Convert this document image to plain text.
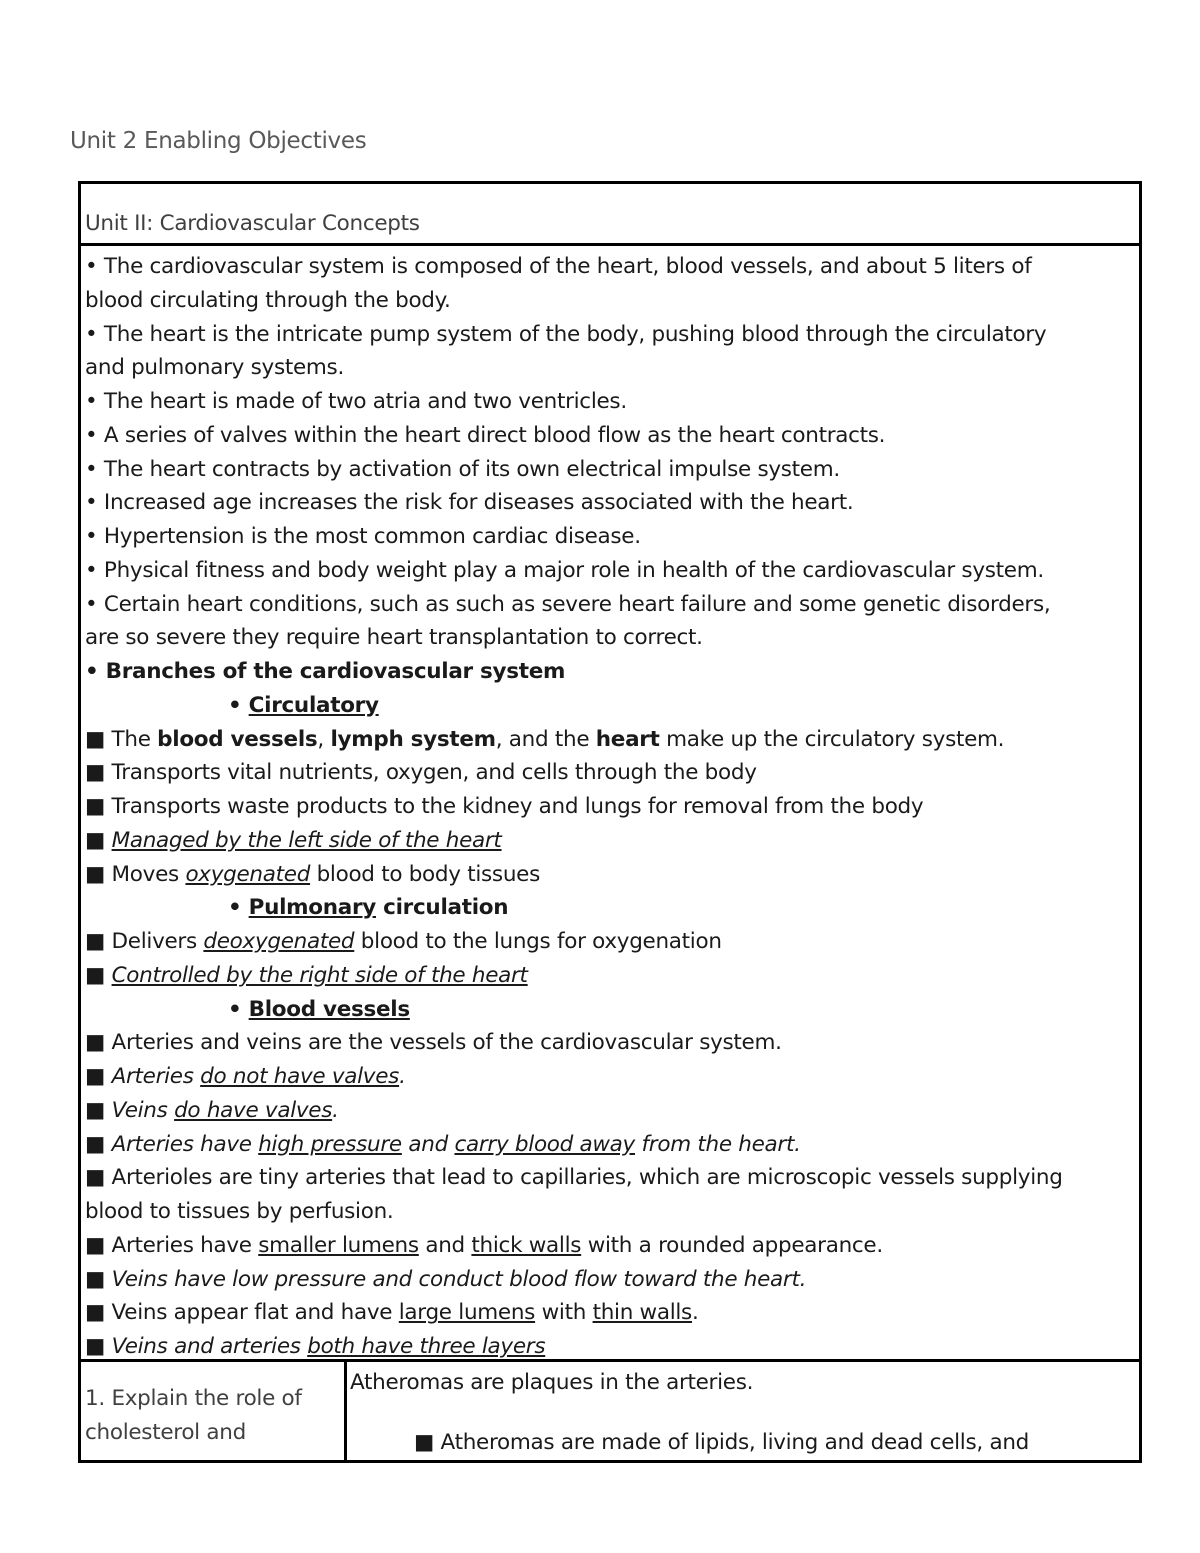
Unit 2 Enabling Objectives
Unit II: Cardiovascular Concepts
• The cardiovascular system is composed of the heart, blood vessels, and about 5 liters of
blood circulating through the body.
• The heart is the intricate pump system of the body, pushing blood through the circulatory
and pulmonary systems.
• The heart is made of two atria and two ventricles.
• A series of valves within the heart direct blood flow as the heart contracts.
• The heart contracts by activation of its own electrical impulse system.
• Increased age increases the risk for diseases associated with the heart.
• Hypertension is the most common cardiac disease.
• Physical fitness and body weight play a major role in health of the cardiovascular system.
• Certain heart conditions, such as such as severe heart failure and some genetic disorders,
are so severe they require heart transplantation to correct.
• Branches of the cardiovascular system
• Circulatory
■ The blood vessels, lymph system, and the heart make up the circulatory system.
■ Transports vital nutrients, oxygen, and cells through the body
■ Transports waste products to the kidney and lungs for removal from the body
■ Managed by the left side of the heart
■ Moves oxygenated blood to body tissues
• Pulmonary circulation
■ Delivers deoxygenated blood to the lungs for oxygenation
■ Controlled by the right side of the heart
• Blood vessels
■ Arteries and veins are the vessels of the cardiovascular system.
■ Arteries do not have valves.
■ Veins do have valves.
■ Arteries have high pressure and carry blood away from the heart.
■ Arterioles are tiny arteries that lead to capillaries, which are microscopic vessels supplying
blood to tissues by perfusion.
■ Arteries have smaller lumens and thick walls with a rounded appearance.
■ Veins have low pressure and conduct blood flow toward the heart.
■ Veins appear flat and have large lumens with thin walls.
■ Veins and arteries both have three layers
1. Explain the role of
cholesterol and
Atheromas are plaques in the arteries.
■ Atheromas are made of lipids, living and dead cells, and
